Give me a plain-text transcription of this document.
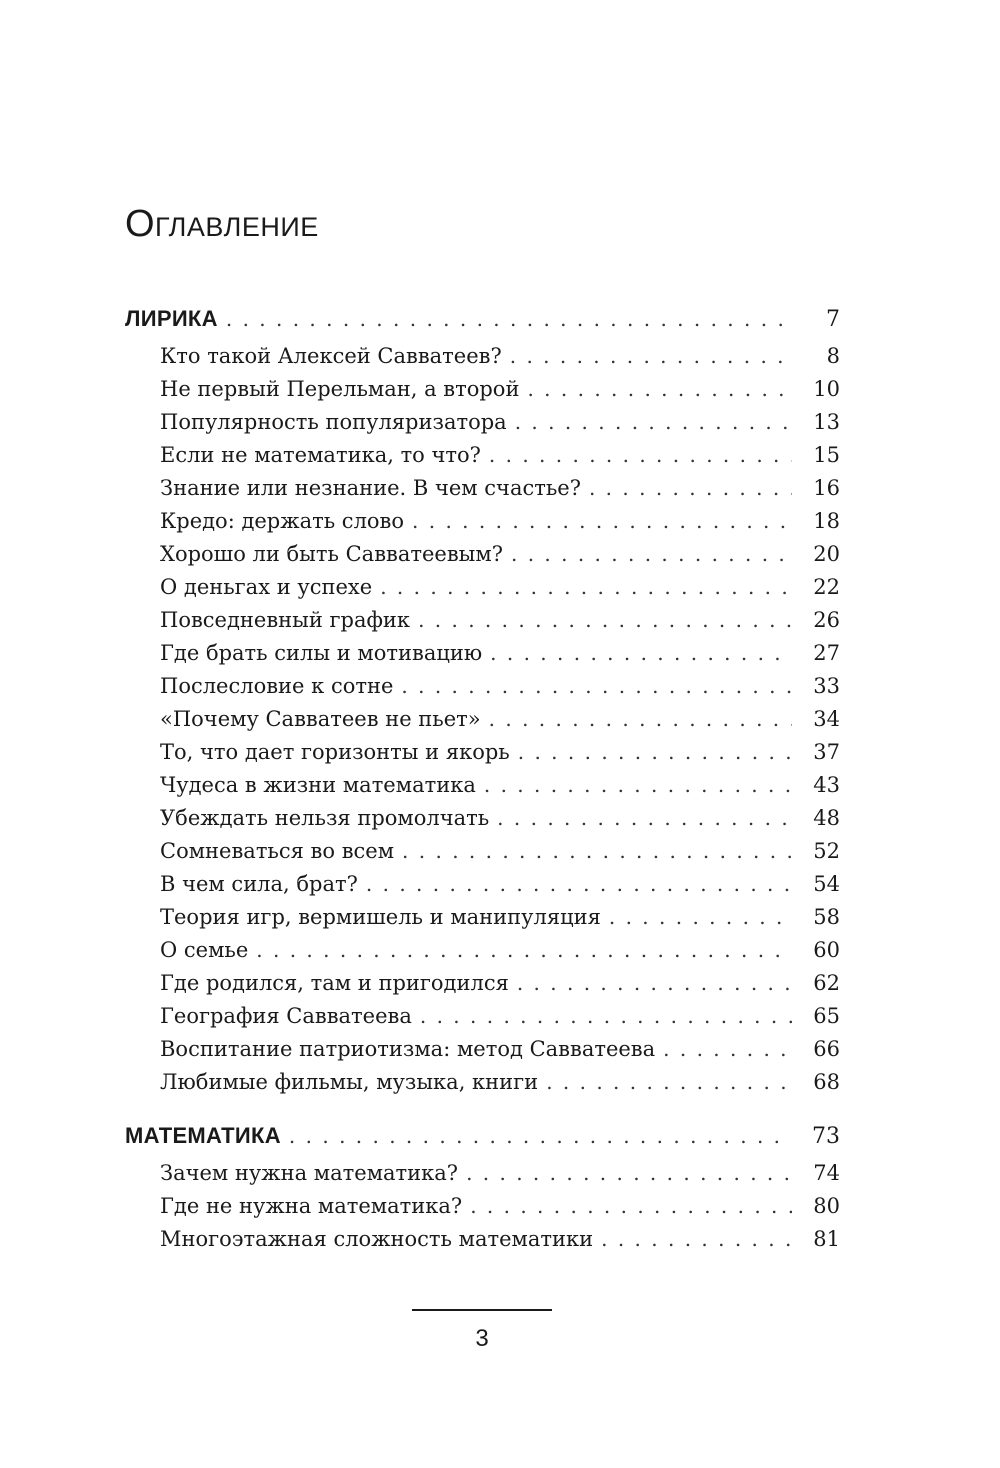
Оглавление
ЛИРИКА . . .	7
Кто такой Алексей Савватеев? . . .	8
Не первый Перельман, а второй . . .	10
Популярность популяризатора . . .	13
Если не математика, то что? . . .	15
Знание или незнание. В чем счастье? . . .	16
Кредо: держать слово . . .	18
Хорошо ли быть Савватеевым? . . .	20
О деньгах и успехе . . .	22
Повседневный график . . .	26
Где брать силы и мотивацию . . .	27
Послесловие к сотне . . .	33
«Почему Савватеев не пьет» . . .	34
То, что дает горизонты и якорь . . .	37
Чудеса в жизни математика . . .	43
Убеждать нельзя промолчать . . .	48
Сомневаться во всем . . .	52
В чем сила, брат? . . .	54
Теория игр, вермишель и манипуляция . . .	58
О семье . . .	60
Где родился, там и пригодился . . .	62
География Савватеева . . .	65
Воспитание патриотизма: метод Савватеева . . .	66
Любимые фильмы, музыка, книги . . .	68
МАТЕМАТИКА . . .	73
Зачем нужна математика? . . .	74
Где не нужна математика? . . .	80
Многоэтажная сложность математики . . .	81
3
